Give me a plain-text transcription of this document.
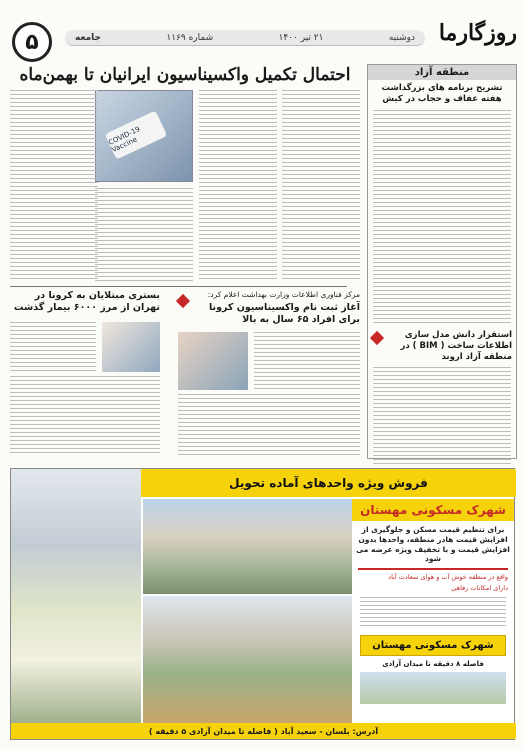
روزگارما
دوشنبه
۲۱ تیر ۱۴۰۰
شماره ۱۱۶۹
جامعه
۵
منطقه آزاد
تشریح برنامه های بزرگداشت هفته عفاف و حجاب در کیش
استقرار دانش مدل سازی اطلاعات ساخت ( BIM ) در منطقه آزاد اروند
احتمال تکمیل واکسیناسیون ایرانیان تا بهمن‌ماه
COVID-19 Vaccine
مرکز فناوری اطلاعات وزارت بهداشت اعلام کرد:
آغاز ثبت نام واکسیناسیون کرونا برای افراد ۶۵ سال به بالا
بستری مبتلایان به کرونا در تهران از مرز ۶۰۰۰ بیمار گذشت
فروش ویژه واحدهای آماده تحویل
شهرک مسکونی مهستان
برای تنظیم قیمت مسکن و جلوگیری از افزایش قیمت هادر منطقه، واحدها بدون افزایش قیمت و با تخفیف ویژه عرضه می شود
واقع در منطقه خوش آب و هوای سعادت آباد
دارای امکانات رفاهی
شهرک مسکونی مهستان
فاصله ۸ دقیقه تا میدان آزادی
آدرس: بلسان - سعید آباد ( فاصله تا میدان آزادی ۵ دقیقه )
